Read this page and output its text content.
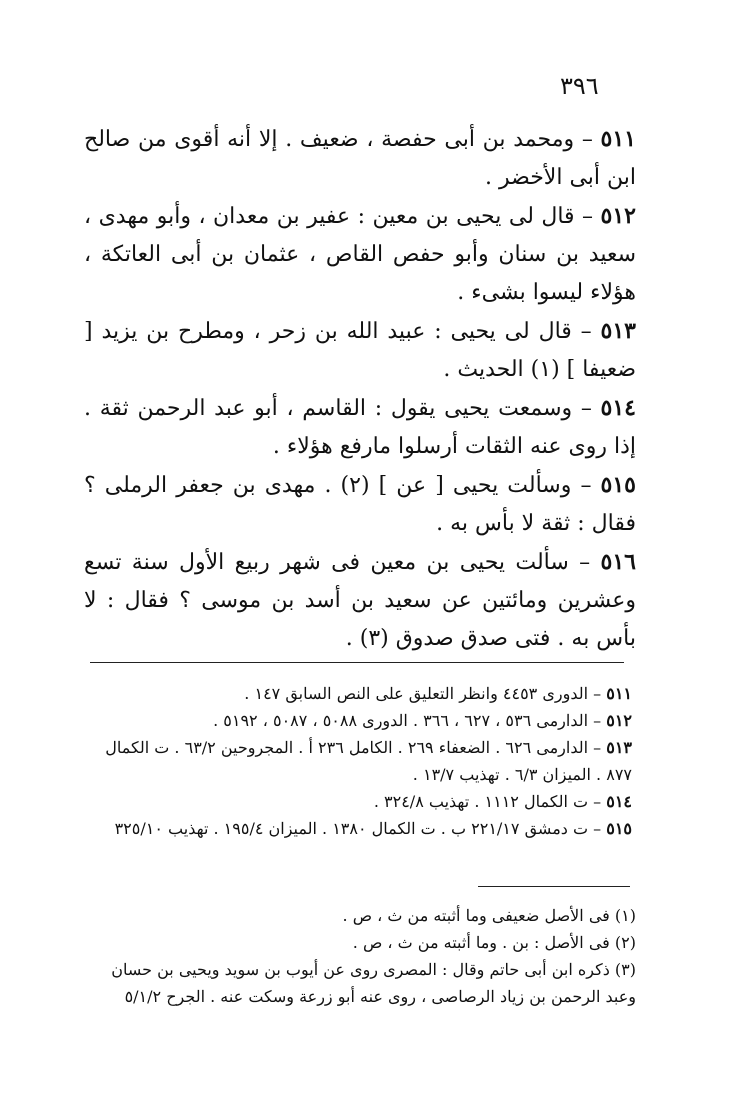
٣٩٦

٥١١ – ومحمد بن أبى حفصة ، ضعيف . إلا أنه أقوى من صالح ابن أبى الأخضر .

٥١٢ – قال لى يحيى بن معين : عفير بن معدان ، وأبو مهدى ، سعيد بن سنان وأبو حفص القاص ، عثمان بن أبى العاتكة ، هؤلاء ليسوا بشىء .

٥١٣ – قال لى يحيى : عبيد الله بن زحر ، ومطرح بن يزيد [ ضعيفا ] (١) الحديث .

٥١٤ – وسمعت يحيى يقول : القاسم ، أبو عبد الرحمن ثقة . إذا روى عنه الثقات أرسلوا مارفع هؤلاء .

٥١٥ – وسألت يحيى [ عن ] (٢) . مهدى بن جعفر الرملى ؟ فقال : ثقة لا بأس به .

٥١٦ – سألت يحيى بن معين فى شهر ربيع الأول سنة تسع وعشرين ومائتين عن سعيد بن أسد بن موسى ؟ فقال : لا بأس به . فتى صدق صدوق (٣) .

٥١١ – الدورى ٤٤٥٣ وانظر التعليق على النص السابق ١٤٧ .

٥١٢ – الدارمى ٥٣٦ ، ٦٢٧ ، ٣٦٦ . الدورى ٥٠٨٨ ، ٥٠٨٧ ، ٥١٩٢ .

٥١٣ – الدارمى ٦٢٦ . الضعفاء ٢٦٩ . الكامل ٢٣٦ أ . المجروحين ٦٣/٢ . ت الكمال ٨٧٧ . الميزان ٦/٣ . تهذيب ١٣/٧ .

٥١٤ – ت الكمال ١١١٢ . تهذيب ٣٢٤/٨ .

٥١٥ – ت دمشق ٢٢١/١٧ ب . ت الكمال ١٣٨٠ . الميزان ١٩٥/٤ . تهذيب ٣٢٥/١٠

(١) فى الأصل ضعيفى وما أثبته من ث ، ص .

(٢) فى الأصل : بن . وما أثبته من ث ، ص .

(٣) ذكره ابن أبى حاتم وقال : المصرى روى عن أيوب بن سويد ويحيى بن حسان وعبد الرحمن بن زياد الرصاصى ، روى عنه أبو زرعة وسكت عنه . الجرح ٥/١/٢
